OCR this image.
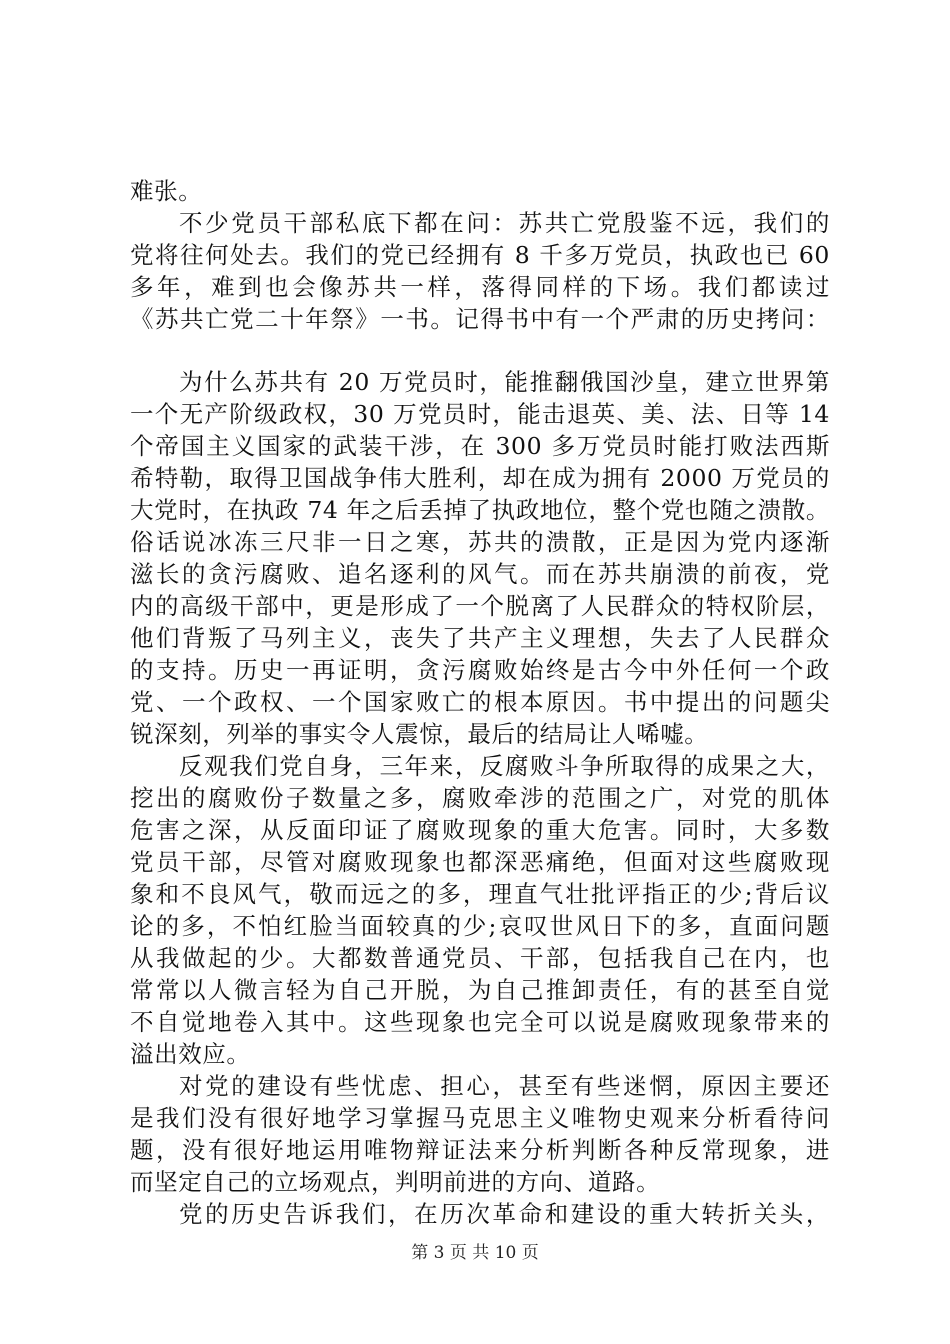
难张。
不少党员干部私底下都在问：苏共亡党殷鉴不远，我们的
党将往何处去。我们的党已经拥有 8 千多万党员，执政也已 60
多年，难到也会像苏共一样，落得同样的下场。我们都读过
《苏共亡党二十年祭》一书。记得书中有一个严肃的历史拷问：
为什么苏共有 20 万党员时，能推翻俄国沙皇，建立世界第
一个无产阶级政权，30 万党员时，能击退英、美、法、日等 14
个帝国主义国家的武装干涉，在 300 多万党员时能打败法西斯
希特勒，取得卫国战争伟大胜利，却在成为拥有 2000 万党员的
大党时，在执政 74 年之后丢掉了执政地位，整个党也随之溃散。
俗话说冰冻三尺非一日之寒，苏共的溃散，正是因为党内逐渐
滋长的贪污腐败、追名逐利的风气。而在苏共崩溃的前夜，党
内的高级干部中，更是形成了一个脱离了人民群众的特权阶层，
他们背叛了马列主义，丧失了共产主义理想，失去了人民群众
的支持。历史一再证明，贪污腐败始终是古今中外任何一个政
党、一个政权、一个国家败亡的根本原因。书中提出的问题尖
锐深刻，列举的事实令人震惊，最后的结局让人唏嘘。
反观我们党自身，三年来，反腐败斗争所取得的成果之大，
挖出的腐败份子数量之多，腐败牵涉的范围之广，对党的肌体
危害之深，从反面印证了腐败现象的重大危害。同时，大多数
党员干部，尽管对腐败现象也都深恶痛绝，但面对这些腐败现
象和不良风气，敬而远之的多，理直气壮批评指正的少;背后议
论的多，不怕红脸当面较真的少;哀叹世风日下的多，直面问题
从我做起的少。大都数普通党员、干部，包括我自己在内，也
常常以人微言轻为自己开脱，为自己推卸责任，有的甚至自觉
不自觉地卷入其中。这些现象也完全可以说是腐败现象带来的
溢出效应。
对党的建设有些忧虑、担心，甚至有些迷惘，原因主要还
是我们没有很好地学习掌握马克思主义唯物史观来分析看待问
题，没有很好地运用唯物辩证法来分析判断各种反常现象，进
而坚定自己的立场观点，判明前进的方向、道路。
党的历史告诉我们，在历次革命和建设的重大转折关头，
第 3 页 共 10 页
